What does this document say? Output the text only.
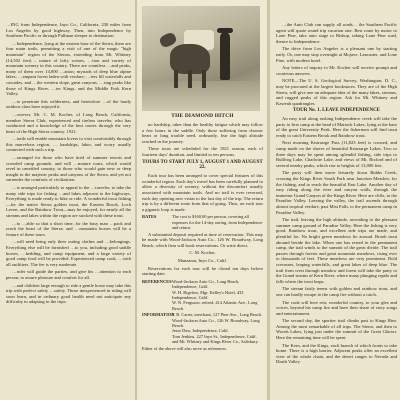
…ING from Independence, Inyo Co., California, 230 miles from Los Angeles by good highway. Then, into Independence by Southern Pacific or through Pullman sleeper to destination.

…Independence, lying at the eastern base of the Sierra, there are four main trails, permitting a visit of one of the magic "high mountain" region of the Sierras, extending from Mt. Whitney (14,502 feet) – nature of lofty scenes, …tion and variety of mountain scenery in this country. There are countless …and peaks, many of them over 14,000 …ation; myriads of deep blue alpine lakes; …ampant forest laden with verdure; …ters fill waterfalls and cascades, and …the western slope, great canyons, …ring peaks like those of Kings River, …ter Kings, and the Middle Fork Kern Valley.

…to penetrate this wilderness, and heretofore …of the hardy outdoor class have enjoyed it.

…owever, Mr. C. M. Kocher, of Long Beach, California, member Sierra Club, experienced and tireless traveler, who has conducted and a knowledge of the best routes through the very heart of the High Sierra country. 1921.

…trails will enable mountain lovers to visit comfortably through this marvelous region, … hardships, labor, and worry usually connected with such a trip.

…arranged for those who have tired of summer resorts and crowded camp grounds, and will …mature tours, which would revel in unsettled country, to those who would gain new or deep insight to the majestic peaks and canyons of the Sierra, and yet not surrender the comforts of civilization.

…is arranged particularly to appeal to the …traveler, to take the many side trips for fishing …and lakes adjacent to the highways. Everything is made ready to hike or ride. A wonderful trout fishing—for the native Sierra golden trout, the Eastern Brook, Loch Leven, and the Rainbow Trout—may be enjoyed, for nearly all the streams and lakes within the region are stocked with these trout.

…to …able so that a short time, for the busy man …pack and reach the heart of the Sierra; and …mountain horses will be a feature of these tours.

…will need bring only their outing clothes and …belongings. Everything else will be furnished …to you, including good saddle horses, …bedding, and camp equipment, and a large variety of good camp food will be provided. Experienced camp cook, …with all outfitters. The fee is very moderate.

…rider will guide the parties, and give his …attention to each person, to assure pleasure and comfort for all.

…and children large enough to ride a gentle horse may take this trip with perfect safety …safety. Those inexperienced in riding will soon learn, and in ordinary good health need not anticipate any difficulty in adapting to the trips.

THE DIAMOND HITCH

no hardship, other than the healthy fatigue which may follow a few hours in the saddle. Only those suffering from chronic heart or lung trouble need, ordinarily, fear the high altitude reached in the journey.

These tours are scheduled for the 1921 season, each of fourteen days' duration, and limited to ten persons.

TOURS TO START JULY 1, AUGUST 1 AND AUGUST 22.

Each tour has been arranged to cover special features of this wonderful region. Each day's travel has been carefully planned to allow a diversity of scenery, without the discomfort usually associated with mountain trails. And no trail is ever reversed, each day opening new vistas to the last day of the trip. The return trip is by a different route from that of going. Thus, on each tour a gigantic loop is made.

RATES	The cost is $160.00 per person, covering all expenses for the 14-day outing, from Independence and return.

A substantial deposit required at time of reservation. This may be made with Wood-Jackson Auto Co., 126 W. Broadway, Long Beach, which firm will book reservations. Or write direct.

C. M. Kocher,

Manzanar, Inyo Co., Calif.

Reservations for each tour will be closed ten days before starting date.

REFERENCES Wood-Jackson Auto Co., Long Beach, Independence, Calif.
W. H. Bigelow, Mgr. Kelley's Hotel, 433 Independence, Calif.
W. N. Ferguson, retired, 414 Atlantic Ave., Long Beach.
INFORMATION
F. B. Carter, merchant, 127 Pine Ave., Long Beach.
Wood-Jackson Auto Co., 126 W. Broadway, Long Beach.
Jesse Daw, Independence, Calif.
Tom Jenkins, 227 Inyo St., Independence, Calif. and Mt. Whitney and Kings River Co., Salisbury.

Either of the above will also serve as references.

…the Auto Club can supply all roads… the Southern Pacific agent will quote round trip vacation rate. Best route by motor to Lone Pine, take auto stage to Bishop, taking Lone Pine road, thence to Independence.

The drive from Los Angeles is a pleasant one by starting early. Or, one may stop overnight at Mojave, Lancaster, and Lone Pine, with modern hotel.

Any letters of inquiry to Mr. Kocher will receive prompt and courteous answers.

NOTE—The U. S. Geological Survey, Washington, D. C., may be procured at the largest bookstores. They are of the High Sierra, will give one an adequate idea of the many lakes, streams, and rugged peaks of this region. Ask for Mt. Whitney and Kaweah quadrangles.

TOUR No. 1. LEAVE INDEPENDENCE

An easy trail along rushing Independence creek will take the party to first camp at the head of Mattock Lakes, lying at the base of the great University Peak. Here the fishermen will find trout ready to catch Eastern Brook and Rainbow trout.

Next morning Kearsarge Pass (11,823 feet) is crossed, and camp made on the shores of beautiful Kearsarge Lakes. Two or three days may be spent among splendid fishing, side trips to Bullfrog Lake, Charlotte Lake, and views of Mt. Rixford and of several nearby peaks, which rise to heights of 13,000 feet.

The party will then move leisurely down Bubbs Creek, crossing the Kings River South Fork near Junction Meadow, for the fishing, and to reach the beautiful East Lake. Another day of easy riding along the river and canyon walls, through the immense Grand Canyon of the Kings River. Here are cliffs, to the Paradise Valley. Leaving the valley, the trail ascends through almost tropical verdure, past Mist Falls, to the permanent camp in Paradise Valley.

The trail, leaving the high altitude, ascending to the pleasant summer camp ground of Paradise Valley. Here the fishing is very good. Rainbow trout, and excellent side trips are made, and plentiful for. No bright green meadows lie around. Brook trout abound beside the lake. When one has rested in the permanent camp, the trail winds to the summit of the great divide. The trail passes through forests and great mountain meadows, rising ever to thousands of feet. These meadows are very prominent. Bold crevasses, leaping waterfalls, and great lakes of deep blue. The trail from crest through meadow and forest will take the party to the Grand stream of Kern River, where many plunging rapids and falls where the trout leaps.

The stream fairly teems with golden and rainbow trout, and one can hardly escape to the camp fire without a catch.

The cook will here rest, wonderful country, to your glee and voices, beyond his camp fire and have their share of story songs and entertainment.

The second day, the sportier trail climbs past to Kings Rim. Among the most remarkable of all trips. The Sierra, and then to Woods Lakes, lying just under the summit of the Great Glacier. Here the remaining time will be spent.

The Kern, and the Kings, each branch of which fronts to take home. There is a high barrier. Adjacent peaks offer an excellent view of the whole chain, and the desert ranges to Nevada and Death Valley.
